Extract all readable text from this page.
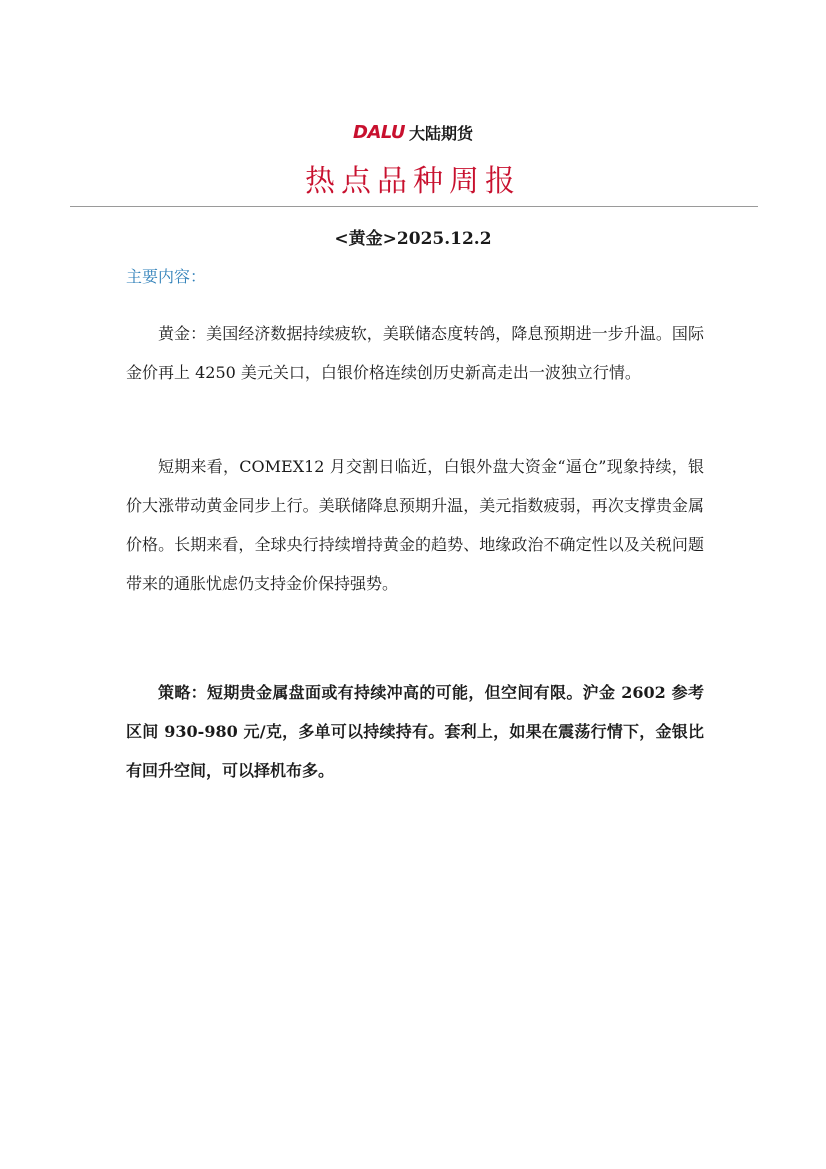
DALU 大陆期货
热点品种周报
<黄金>2025.12.2
主要内容：

黄金：美国经济数据持续疲软，美联储态度转鸽，降息预期进一步升温。国际金价再上 4250 美元关口，白银价格连续创历史新高走出一波独立行情。

短期来看，COMEX12 月交割日临近，白银外盘大资金“逼仓”现象持续，银价大涨带动黄金同步上行。美联储降息预期升温，美元指数疲弱，再次支撑贵金属价格。长期来看，全球央行持续增持黄金的趋势、地缘政治不确定性以及关税问题带来的通胀忧虑仍支持金价保持强势。

策略：短期贵金属盘面或有持续冲高的可能，但空间有限。沪金 2602 参考区间 930-980 元/克，多单可以持续持有。套利上，如果在震荡行情下，金银比有回升空间，可以择机布多。
